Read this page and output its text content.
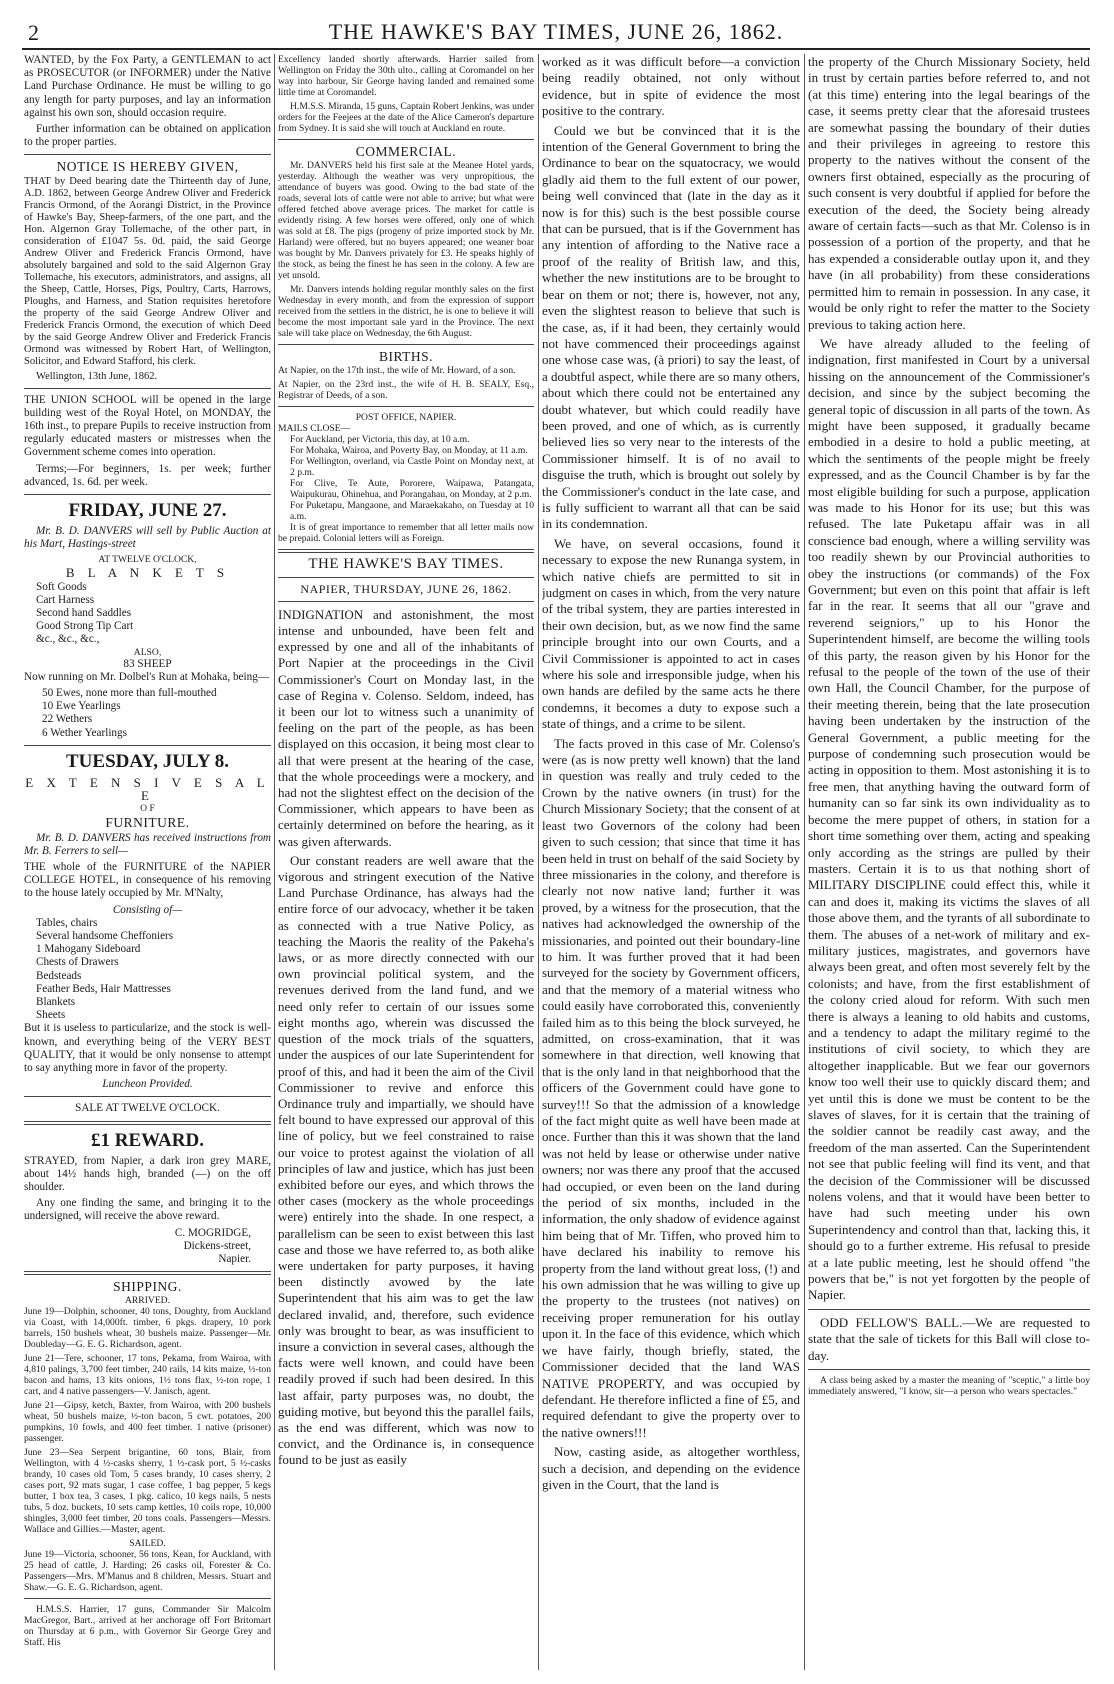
2	THE HAWKE'S BAY TIMES, JUNE 26, 1862.

WANTED, by the Fox Party, a GENTLEMAN to act as PROSECUTOR (or INFORMER) under the Native Land Purchase Ordinance. He must be willing to go any length for party purposes, and lay an information against his own son, should occasion require.

Further information can be obtained on application to the proper parties.

NOTICE IS HEREBY GIVEN,

THAT by Deed bearing date the Thirteenth day of June, A.D. 1862, between George Andrew Oliver and Frederick Francis Ormond, of the Aorangi District, in the Province of Hawke's Bay, Sheep-farmers, of the one part, and the Hon. Algernon Gray Tollemache, of the other part, in consideration of £1047 5s. 0d. paid, the said George Andrew Oliver and Frederick Francis Ormond, have absolutely bargained and sold to the said Algernon Gray Tollemache, his executors, administrators, and assigns, all the Sheep, Cattle, Horses, Pigs, Poultry, Carts, Harrows, Ploughs, and Harness, and Station requisites heretofore the property of the said George Andrew Oliver and Frederick Francis Ormond, the execution of which Deed by the said George Andrew Oliver and Frederick Francis Ormond was witnessed by Robert Hart, of Wellington, Solicitor, and Edward Stafford, his clerk.

Wellington, 13th June, 1862.

THE UNION SCHOOL will be opened in the large building west of the Royal Hotel, on MONDAY, the 16th inst., to prepare Pupils to receive instruction from regularly educated masters or mistresses when the Government scheme comes into operation.

Terms;—For beginners, 1s. per week; further advanced, 1s. 6d. per week.

FRIDAY, JUNE 27.

Mr. B. D. DANVERS will sell by Public Auction at his Mart, Hastings-street

AT TWELVE O'CLOCK,
B L A N K E T S
Soft Goods
Cart Harness
Second hand Saddles
Good Strong Tip Cart
&c., &c., &c.,
ALSO,
83 SHEEP

Now running on Mr. Dolbel's Run at Mohaka, being—

50 Ewes, none more than full-mouthed
10 Ewe Yearlings
22 Wethers
6 Wether Yearlings
TUESDAY, JULY 8.
E X T E N S I V E S A L E
O F
FURNITURE.

Mr. B. D. DANVERS has received instructions from Mr. B. Ferrers to sell—

THE whole of the FURNITURE of the NAPIER COLLEGE HOTEL, in consequence of his removing to the house lately occupied by Mr. M'Nalty,

Consisting of—
Tables, chairs
Several handsome Cheffoniers
1 Mahogany Sideboard
Chests of Drawers
Bedsteads
Feather Beds, Hair Mattresses
Blankets
Sheets

But it is useless to particularize, and the stock is well-known, and everything being of the VERY BEST QUALITY, that it would be only nonsense to attempt to say anything more in favor of the property.

Luncheon Provided.
SALE AT TWELVE O'CLOCK.
£1 REWARD.

STRAYED, from Napier, a dark iron grey MARE, about 14½ hands high, branded (—) on the off shoulder.

Any one finding the same, and bringing it to the undersigned, will receive the above reward.

C. MOGRIDGE,

Dickens-street,

Napier.

SHIPPING.
ARRIVED.

June 19—Dolphin, schooner, 40 tons, Doughty, from Auckland via Coast, with 14,000ft. timber, 6 pkgs. drapery, 10 pork barrels, 150 bushels wheat, 30 bushels maize. Passenger—Mr. Doubleday—G. E. G. Richardson, agent.

June 21—Tere, schooner, 17 tons, Pekama, from Wairoa, with 4,810 palings, 3,700 feet timber, 240 rails, 14 kits maize, ½-ton bacon and hams, 13 kits onions, 1½ tons flax, ½-ton rope, 1 cart, and 4 native passengers—V. Janisch, agent.

June 21—Gipsy, ketch, Baxter, from Wairoa, with 200 bushels wheat, 50 bushels maize, ½-ton bacon, 5 cwt. potatoes, 200 pumpkins, 10 fowls, and 400 feet timber. 1 native (prisoner) passenger.

June 23—Sea Serpent brigantine, 60 tons, Blair, from Wellington, with 4 ½-casks sherry, 1 ½-cask port, 5 ½-casks brandy, 10 cases old Tom, 5 cases brandy, 10 cases sherry, 2 cases port, 92 mats sugar, 1 case coffee, 1 bag pepper, 5 kegs butter, 1 box tea, 3 cases, 1 pkg. calico, 10 kegs nails, 5 nests tubs, 5 doz. buckets, 10 sets camp kettles, 10 coils rope, 10,000 shingles, 3,000 feet timber, 20 tons coals. Passengers—Messrs. Wallace and Gillies.—Master, agent.

SAILED.

June 19—Victoria, schooner, 56 tons, Kean, for Auckland, with 25 head of cattle, J. Harding; 26 casks oil, Forester & Co. Passengers—Mrs. M'Manus and 8 children, Messrs. Stuart and Shaw.—G. E. G. Richardson, agent.

H.M.S.S. Harrier, 17 guns, Commander Sir Malcolm MacGregor, Bart., arrived at her anchorage off Fort Britomart on Thursday at 6 p.m., with Governor Sir George Grey and Staff. His

Excellency landed shortly afterwards. Harrier sailed from Wellington on Friday the 30th ulto., calling at Coromandel on her way into harbour, Sir George having landed and remained some little time at Coromandel.

H.M.S.S. Miranda, 15 guns, Captain Robert Jenkins, was under orders for the Feejees at the date of the Alice Cameron's departure from Sydney. It is said she will touch at Auckland en route.

COMMERCIAL.

Mr. DANVERS held his first sale at the Meanee Hotel yards, yesterday. Although the weather was very unpropitious, the attendance of buyers was good. Owing to the bad state of the roads, several lots of cattle were not able to arrive; but what were offered fetched above average prices. The market for cattle is evidently rising. A few horses were offered, only one of which was sold at £8. The pigs (progeny of prize imported stock by Mr. Harland) were offered, but no buyers appeared; one weaner boar was bought by Mr. Danvers privately for £3. He speaks highly of the stock, as being the finest he has seen in the colony. A few are yet unsold.

Mr. Danvers intends holding regular monthly sales on the first Wednesday in every month, and from the expression of support received from the settlers in the district, he is one to believe it will become the most important sale yard in the Province. The next sale will take place on Wednesday, the 6th August.

BIRTHS.

At Napier, on the 17th inst., the wife of Mr. Howard, of a son.

At Napier, on the 23rd inst., the wife of H. B. SEALY, Esq., Registrar of Deeds, of a son.

POST OFFICE, NAPIER.
MAILS CLOSE—

For Auckland, per Victoria, this day, at 10 a.m.

For Mohaka, Wairoa, and Poverty Bay, on Monday, at 11 a.m.

For Wellington, overland, via Castle Point on Monday next, at 2 p.m.

For Clive, Te Aute, Pororere, Waipawa, Patangata, Waipukurau, Ohinehua, and Porangahau, on Monday, at 2 p.m.

For Puketapu, Mangaone, and Maraekakaho, on Tuesday at 10 a.m.

It is of great importance to remember that all letter mails now be prepaid. Colonial letters will as Foreign.

THE HAWKE'S BAY TIMES.
NAPIER, THURSDAY, JUNE 26, 1862.

INDIGNATION and astonishment, the most intense and unbounded, have been felt and expressed by one and all of the inhabitants of Port Napier at the proceedings in the Civil Commissioner's Court on Monday last, in the case of Regina v. Colenso. Seldom, indeed, has it been our lot to witness such a unanimity of feeling on the part of the people, as has been displayed on this occasion, it being most clear to all that were present at the hearing of the case, that the whole proceedings were a mockery, and had not the slightest effect on the decision of the Commissioner, which appears to have been as certainly determined on before the hearing, as it was given afterwards.

Our constant readers are well aware that the vigorous and stringent execution of the Native Land Purchase Ordinance, has always had the entire force of our advocacy, whether it be taken as connected with a true Native Policy, as teaching the Maoris the reality of the Pakeha's laws, or as more directly connected with our own provincial political system, and the revenues derived from the land fund, and we need only refer to certain of our issues some eight months ago, wherein was discussed the question of the mock trials of the squatters, under the auspices of our late Superintendent for proof of this, and had it been the aim of the Civil Commissioner to revive and enforce this Ordinance truly and impartially, we should have felt bound to have expressed our approval of this line of policy, but we feel constrained to raise our voice to protest against the violation of all principles of law and justice, which has just been exhibited before our eyes, and which throws the other cases (mockery as the whole proceedings were) entirely into the shade. In one respect, a parallelism can be seen to exist between this last case and those we have referred to, as both alike were undertaken for party purposes, it having been distinctly avowed by the late Superintendent that his aim was to get the law declared invalid, and, therefore, such evidence only was brought to bear, as was insufficient to insure a conviction in several cases, although the facts were well known, and could have been readily proved if such had been desired. In this last affair, party purposes was, no doubt, the guiding motive, but beyond this the parallel fails, as the end was different, which was now to convict, and the Ordinance is, in consequence found to be just as easily

worked as it was difficult before—a conviction being readily obtained, not only without evidence, but in spite of evidence the most positive to the contrary.

Could we but be convinced that it is the intention of the General Government to bring the Ordinance to bear on the squatocracy, we would gladly aid them to the full extent of our power, being well convinced that (late in the day as it now is for this) such is the best possible course that can be pursued, that is if the Government has any intention of affording to the Native race a proof of the reality of British law, and this, whether the new institutions are to be brought to bear on them or not; there is, however, not any, even the slightest reason to believe that such is the case, as, if it had been, they certainly would not have commenced their proceedings against one whose case was, (à priori) to say the least, of a doubtful aspect, while there are so many others, about which there could not be entertained any doubt whatever, but which could readily have been proved, and one of which, as is currently believed lies so very near to the interests of the Commissioner himself. It is of no avail to disguise the truth, which is brought out solely by the Commissioner's conduct in the late case, and is fully sufficient to warrant all that can be said in its condemnation.

We have, on several occasions, found it necessary to expose the new Runanga system, in which native chiefs are permitted to sit in judgment on cases in which, from the very nature of the tribal system, they are parties interested in their own decision, but, as we now find the same principle brought into our own Courts, and a Civil Commissioner is appointed to act in cases where his sole and irresponsible judge, when his own hands are defiled by the same acts he there condemns, it becomes a duty to expose such a state of things, and a crime to be silent.

The facts proved in this case of Mr. Colenso's were (as is now pretty well known) that the land in question was really and truly ceded to the Crown by the native owners (in trust) for the Church Missionary Society; that the consent of at least two Governors of the colony had been given to such cession; that since that time it has been held in trust on behalf of the said Society by three missionaries in the colony, and therefore is clearly not now native land; further it was proved, by a witness for the prosecution, that the natives had acknowledged the ownership of the missionaries, and pointed out their boundary-line to him. It was further proved that it had been surveyed for the society by Government officers, and that the memory of a material witness who could easily have corroborated this, conveniently failed him as to this being the block surveyed, he admitted, on cross-examination, that it was somewhere in that direction, well knowing that that is the only land in that neighborhood that the officers of the Government could have gone to survey!!! So that the admission of a knowledge of the fact might quite as well have been made at once. Further than this it was shown that the land was not held by lease or otherwise under native owners; nor was there any proof that the accused had occupied, or even been on the land during the period of six months, included in the information, the only shadow of evidence against him being that of Mr. Tiffen, who proved him to have declared his inability to remove his property from the land without great loss, (!) and his own admission that he was willing to give up the property to the trustees (not natives) on receiving proper remuneration for his outlay upon it. In the face of this evidence, which which we have fairly, though briefly, stated, the Commissioner decided that the land WAS NATIVE PROPERTY, and was occupied by defendant. He therefore inflicted a fine of £5, and required defendant to give the property over to the native owners!!!

Now, casting aside, as altogether worthless, such a decision, and depending on the evidence given in the Court, that the land is

the property of the Church Missionary Society, held in trust by certain parties before referred to, and not (at this time) entering into the legal bearings of the case, it seems pretty clear that the aforesaid trustees are somewhat passing the boundary of their duties and their privileges in agreeing to restore this property to the natives without the consent of the owners first obtained, especially as the procuring of such consent is very doubtful if applied for before the execution of the deed, the Society being already aware of certain facts—such as that Mr. Colenso is in possession of a portion of the property, and that he has expended a considerable outlay upon it, and they have (in all probability) from these considerations permitted him to remain in possession. In any case, it would be only right to refer the matter to the Society previous to taking action here.

We have already alluded to the feeling of indignation, first manifested in Court by a universal hissing on the announcement of the Commissioner's decision, and since by the subject becoming the general topic of discussion in all parts of the town. As might have been supposed, it gradually became embodied in a desire to hold a public meeting, at which the sentiments of the people might be freely expressed, and as the Council Chamber is by far the most eligible building for such a purpose, application was made to his Honor for its use; but this was refused. The late Puketapu affair was in all conscience bad enough, where a willing servility was too readily shewn by our Provincial authorities to obey the instructions (or commands) of the Fox Government; but even on this point that affair is left far in the rear. It seems that all our "grave and reverend seigniors," up to his Honor the Superintendent himself, are become the willing tools of this party, the reason given by his Honor for the refusal to the people of the town of the use of their own Hall, the Council Chamber, for the purpose of their meeting therein, being that the late prosecution having been undertaken by the instruction of the General Government, a public meeting for the purpose of condemning such prosecution would be acting in opposition to them. Most astonishing it is to free men, that anything having the outward form of humanity can so far sink its own individuality as to become the mere puppet of others, in station for a short time something over them, acting and speaking only according as the strings are pulled by their masters. Certain it is to us that nothing short of MILITARY DISCIPLINE could effect this, while it can and does it, making its victims the slaves of all those above them, and the tyrants of all subordinate to them. The abuses of a net-work of military and ex-military justices, magistrates, and governors have always been great, and often most severely felt by the colonists; and have, from the first establishment of the colony cried aloud for reform. With such men there is always a leaning to old habits and customs, and a tendency to adapt the military regimé to the institutions of civil society, to which they are altogether inapplicable. But we fear our governors know too well their use to quickly discard them; and yet until this is done we must be content to be the slaves of slaves, for it is certain that the training of the soldier cannot be readily cast away, and the freedom of the man asserted. Can the Superintendent not see that public feeling will find its vent, and that the decision of the Commissioner will be discussed nolens volens, and that it would have been better to have had such meeting under his own Superintendency and control than that, lacking this, it should go to a further extreme. His refusal to preside at a late public meeting, lest he should offend "the powers that be," is not yet forgotten by the people of Napier.

ODD FELLOW'S BALL.—We are requested to state that the sale of tickets for this Ball will close to-day.

A class being asked by a master the meaning of "sceptic," a little boy immediately answered, "I know, sir—a person who wears spectacles."
